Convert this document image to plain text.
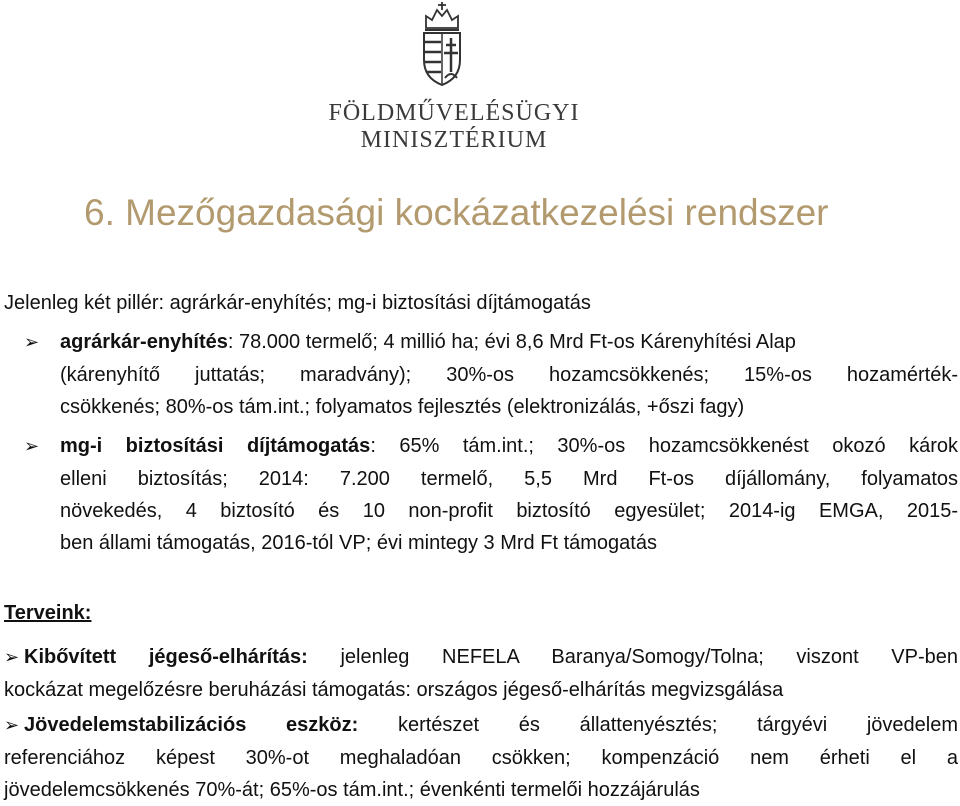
FÖLDMŰVELÉSÜGYI
MINISZTÉRIUM
6. Mezőgazdasági kockázatkezelési rendszer
Jelenleg két pillér: agrárkár-enyhítés; mg-i biztosítási díjtámogatás
➢ agrárkár-enyhítés: 78.000 termelő; 4 millió ha; évi 8,6 Mrd Ft-os Kárenyhítési Alap
(kárenyhítő juttatás; maradvány); 30%-os hozamcsökkenés; 15%-os hozamérték-
csökkenés; 80%-os tám.int.; folyamatos fejlesztés (elektronizálás, +őszi fagy)
➢ mg-i biztosítási díjtámogatás: 65% tám.int.; 30%-os hozamcsökkenést okozó károk
elleni biztosítás; 2014: 7.200 termelő, 5,5 Mrd Ft-os díjállomány, folyamatos
növekedés, 4 biztosító és 10 non-profit biztosító egyesület; 2014-ig EMGA, 2015-
ben állami támogatás, 2016-tól VP; évi mintegy 3 Mrd Ft támogatás
Terveink:
➢ Kibővített jégeső-elhárítás: jelenleg NEFELA Baranya/Somogy/Tolna; viszont VP-ben
kockázat megelőzésre beruházási támogatás: országos jégeső-elhárítás megvizsgálása
➢ Jövedelemstabilizációs eszköz: kertészet és állattenyésztés; tárgyévi jövedelem
referenciához képest 30%-ot meghaladóan csökken; kompenzáció nem érheti el a
jövedelemcsökkenés 70%-át; 65%-os tám.int.; évenkénti termelői hozzájárulás
